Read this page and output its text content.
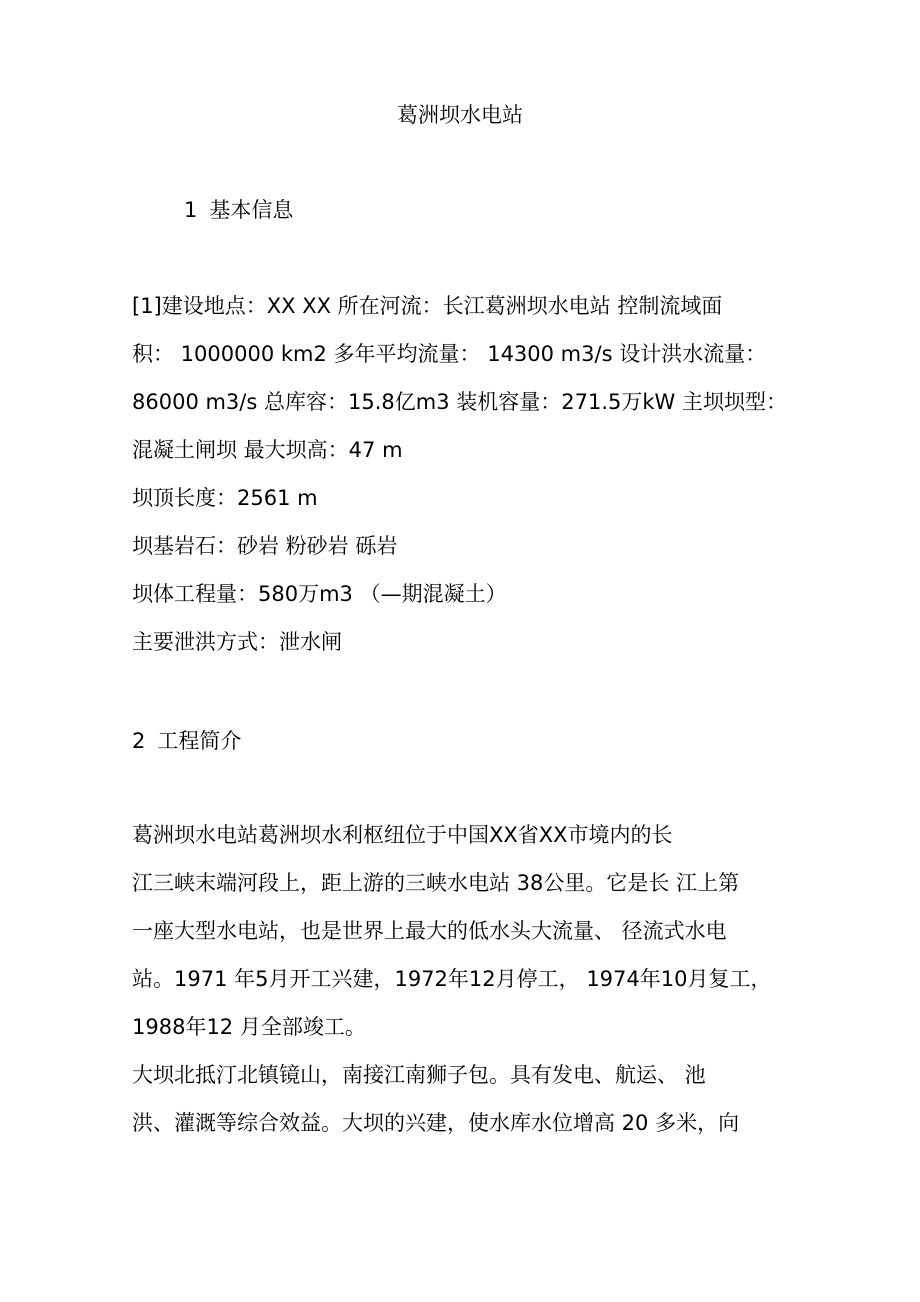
葛洲坝水电站
1 基本信息

[1]建设地点：XX XX 所在河流：长江葛洲坝水电站 控制流域面

积： 1000000 km2 多年平均流量： 14300 m3/s 设计洪水流量：

86000 m3/s 总库容：15.8亿m3 装机容量：271.5万kW 主坝坝型：

混凝土闸坝 最大坝高：47 m

坝顶长度：2561 m

坝基岩石：砂岩 粉砂岩 砾岩

坝体工程量：580万m3 （—期混凝土）

主要泄洪方式：泄水闸

2 工程简介

葛洲坝水电站葛洲坝水利枢纽位于中国XX省XX市境内的长

江三峡末端河段上，距上游的三峡水电站 38公里。它是长 江上第

一座大型水电站，也是世界上最大的低水头大流量、 径流式水电

站。1971 年5月开工兴建，1972年12月停工， 1974年10月复工，

1988年12 月全部竣工。

大坝北抵汀北镇镜山，南接江南狮子包。具有发电、航运、 池

洪、灌溉等综合效益。大坝的兴建，使水库水位增高 20 多米，向
